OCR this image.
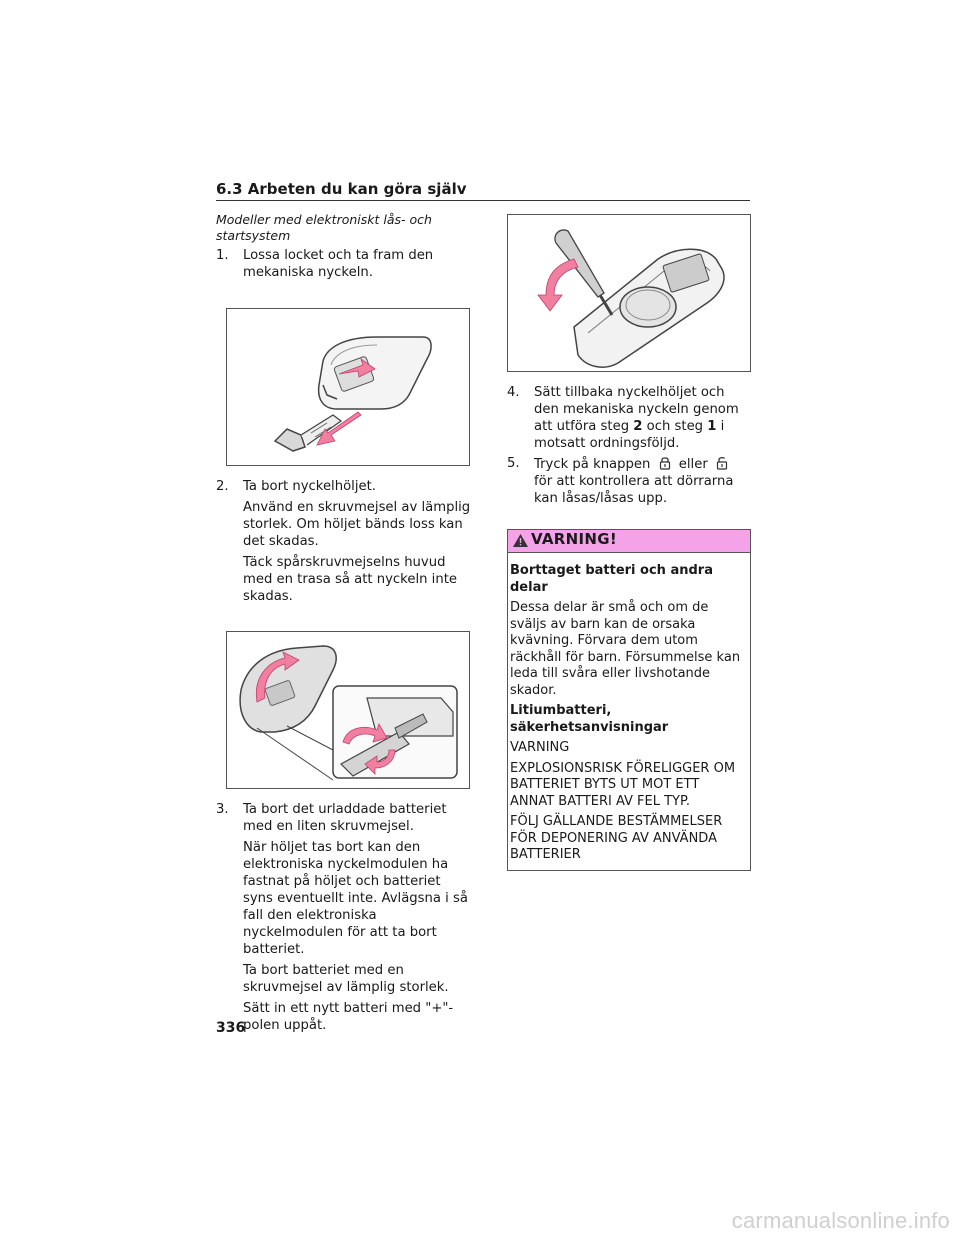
6.3 Arbeten du kan göra själv
Modeller med elektroniskt lås- och startsystem
1. Lossa locket och ta fram den mekaniska nyckeln.
2. Ta bort nyckelhöljet.
Använd en skruvmejsel av lämplig storlek. Om höljet bänds loss kan det skadas.
Täck spårskruvmejselns huvud med en trasa så att nyckeln inte skadas.
3. Ta bort det urladdade batteriet med en liten skruvmejsel.
När höljet tas bort kan den elektroniska nyckelmodulen ha fastnat på höljet och batteriet syns eventuellt inte. Avlägsna i så fall den elektroniska nyckelmodulen för att ta bort batteriet.
Ta bort batteriet med en skruvmejsel av lämplig storlek.
Sätt in ett nytt batteri med "+"-polen uppåt.
4. Sätt tillbaka nyckelhöljet och den mekaniska nyckeln genom att utföra steg 2 och steg 1 i motsatt ordningsföljd.
5. Tryck på knappen eller  för att kontrollera att dörrarna kan låsas/låsas upp.
VARNING!
Borttaget batteri och andra delar
Dessa delar är små och om de sväljs av barn kan de orsaka kvävning. Förvara dem utom räckhåll för barn. Försummelse kan leda till svåra eller livshotande skador.
Litiumbatteri, säkerhetsanvisningar
VARNING
EXPLOSIONSRISK FÖRELIGGER OM BATTERIET BYTS UT MOT ETT ANNAT BATTERI AV FEL TYP.
FÖLJ GÄLLANDE BESTÄMMELSER FÖR DEPONERING AV ANVÄNDA BATTERIER
336
carmanualsonline.info
